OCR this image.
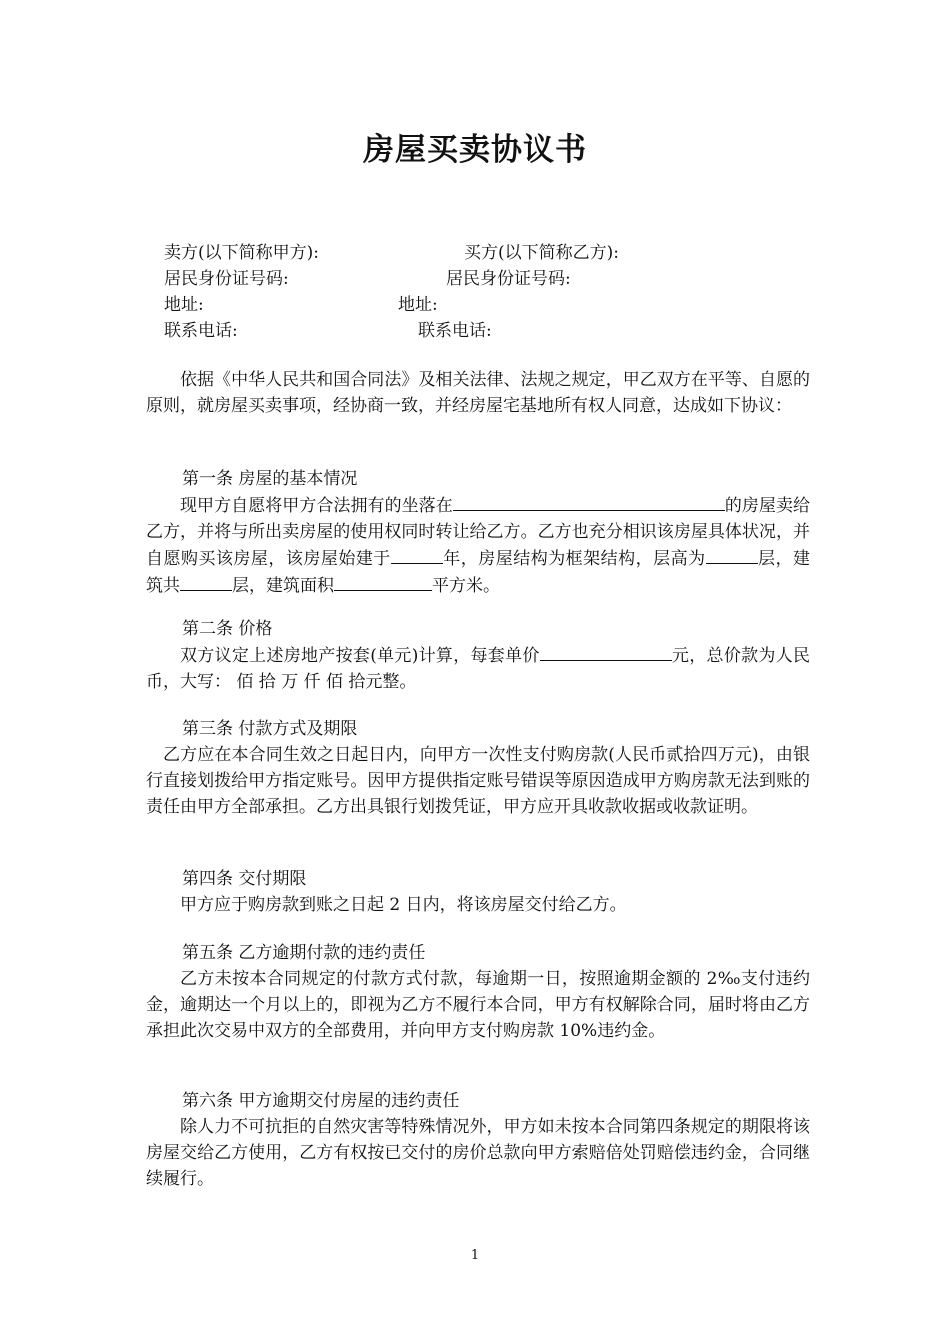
房屋买卖协议书
卖方(以下简称甲方):	买方(以下简称乙方):
居民身份证号码:	居民身份证号码:
地址:	地址:
联系电话:	联系电话:
依据《中华人民共和国合同法》及相关法律、法规之规定，甲乙双方在平等、自愿的原则，就房屋买卖事项，经协商一致，并经房屋宅基地所有权人同意，达成如下协议：
第一条 房屋的基本情况
现甲方自愿将甲方合法拥有的坐落在	的房屋卖给乙方，并将与所出卖房屋的使用权同时转让给乙方。乙方也充分相识该房屋具体状况，并自愿购买该房屋，该房屋始建于	年，房屋结构为框架结构，层高为	层，建筑共	层，建筑面积	平方米。
第二条 价格
双方议定上述房地产按套(单元)计算，每套单价	元，总价款为人民币，大写： 佰 拾 万 仟 佰 拾元整。
第三条 付款方式及期限
乙方应在本合同生效之日起日内，向甲方一次性支付购房款(人民币贰拾四万元)，由银行直接划拨给甲方指定账号。因甲方提供指定账号错误等原因造成甲方购房款无法到账的责任由甲方全部承担。乙方出具银行划拨凭证，甲方应开具收款收据或收款证明。
第四条 交付期限
甲方应于购房款到账之日起 2 日内，将该房屋交付给乙方。
第五条 乙方逾期付款的违约责任
乙方未按本合同规定的付款方式付款，每逾期一日，按照逾期金额的 2‰支付违约金，逾期达一个月以上的，即视为乙方不履行本合同，甲方有权解除合同，届时将由乙方承担此次交易中双方的全部费用，并向甲方支付购房款 10%违约金。
第六条 甲方逾期交付房屋的违约责任
除人力不可抗拒的自然灾害等特殊情况外，甲方如未按本合同第四条规定的期限将该房屋交给乙方使用，乙方有权按已交付的房价总款向甲方索赔倍处罚赔偿违约金，合同继续履行。
1
